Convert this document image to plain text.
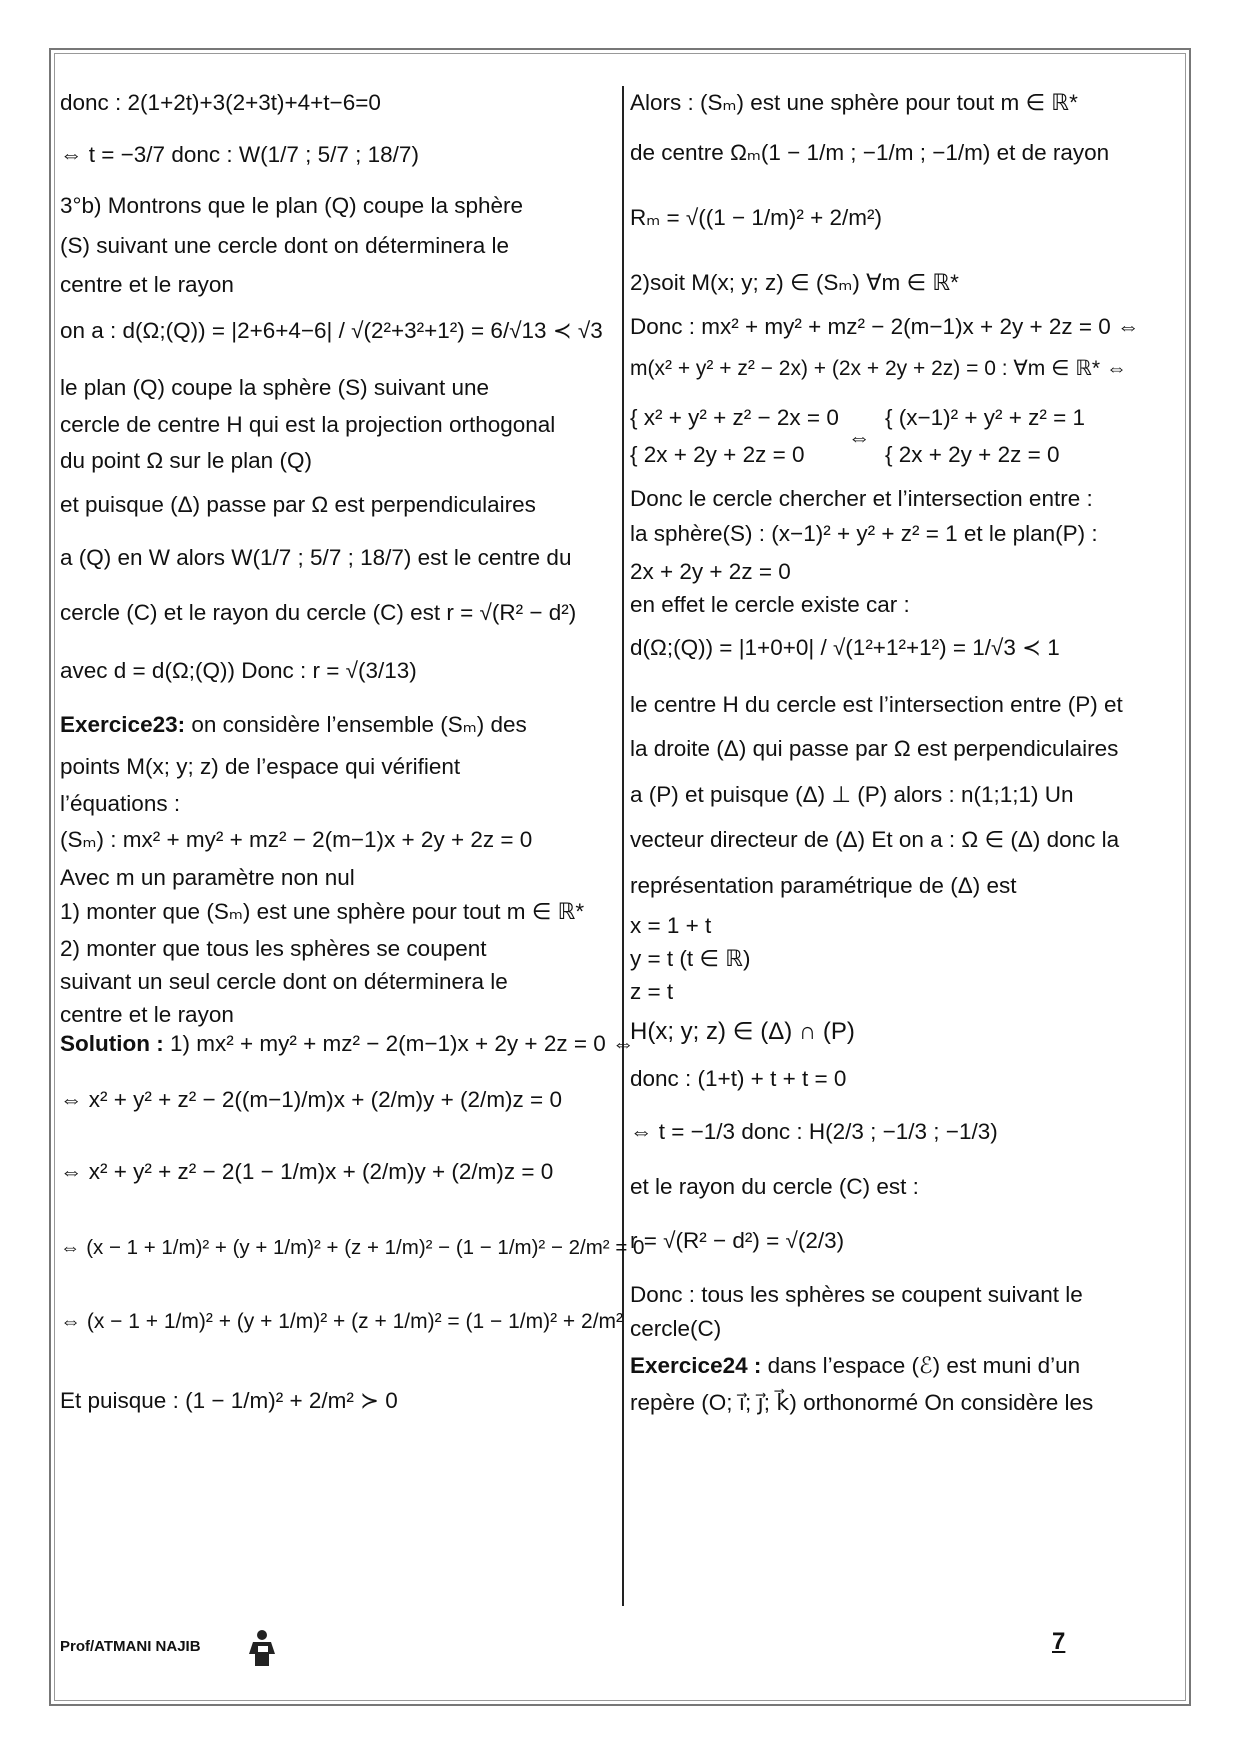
donc : 2(1+2t)+3(2+3t)+4+t−6=0
⇔ t = −3/7 donc : W(1/7 ; 5/7 ; 18/7)
3°b) Montrons que le plan (Q) coupe la sphère
(S) suivant une cercle dont on déterminera le
centre et le rayon
on a : d(Ω;(Q)) = |2+6+4−6| / √(2²+3²+1²) = 6/√13 ≺ √3
le plan (Q) coupe la sphère (S) suivant une
cercle de centre H qui est la projection orthogonal
du point Ω sur le plan (Q)
et puisque (Δ) passe par Ω est perpendiculaires
a (Q) en W alors W(1/7 ; 5/7 ; 18/7) est le centre du
cercle (C) et le rayon du cercle (C) est r = √(R² − d²)
avec d = d(Ω;(Q)) Donc : r = √(3/13)
Exercice23: on considère l’ensemble (Sₘ) des
points M(x; y; z) de l’espace qui vérifient
l’équations :
(Sₘ) : mx² + my² + mz² − 2(m−1)x + 2y + 2z = 0
Avec m un paramètre non nul
1) monter que (Sₘ) est une sphère pour tout m ∈ ℝ*
2) monter que tous les sphères se coupent
suivant un seul cercle dont on déterminera le
centre et le rayon
Solution : 1) mx² + my² + mz² − 2(m−1)x + 2y + 2z = 0 ⇔
⇔ x² + y² + z² − 2((m−1)/m)x + (2/m)y + (2/m)z = 0
⇔ x² + y² + z² − 2(1 − 1/m)x + (2/m)y + (2/m)z = 0
⇔ (x − 1 + 1/m)² + (y + 1/m)² + (z + 1/m)² − (1 − 1/m)² − 2/m² = 0
⇔ (x − 1 + 1/m)² + (y + 1/m)² + (z + 1/m)² = (1 − 1/m)² + 2/m²
Et puisque : (1 − 1/m)² + 2/m² ≻ 0
Alors : (Sₘ) est une sphère pour tout m ∈ ℝ*
de centre Ωₘ(1 − 1/m ; −1/m ; −1/m) et de rayon
Rₘ = √((1 − 1/m)² + 2/m²)
2)soit M(x; y; z) ∈ (Sₘ) ∀m ∈ ℝ*
Donc : mx² + my² + mz² − 2(m−1)x + 2y + 2z = 0 ⇔
m(x² + y² + z² − 2x) + (2x + 2y + 2z) = 0 : ∀m ∈ ℝ* ⇔
{ x² + y² + z² − 2x = 0
{ 2x + 2y + 2z = 0
⇔
{ (x−1)² + y² + z² = 1
{ 2x + 2y + 2z = 0
Donc le cercle chercher et l’intersection entre :
la sphère(S) : (x−1)² + y² + z² = 1 et le plan(P) :
2x + 2y + 2z = 0
en effet le cercle existe car :
d(Ω;(Q)) = |1+0+0| / √(1²+1²+1²) = 1/√3 ≺ 1
le centre H du cercle est l’intersection entre (P) et
la droite (Δ) qui passe par Ω est perpendiculaires
a (P) et puisque (Δ) ⊥ (P) alors : n(1;1;1) Un
vecteur directeur de (Δ) Et on a : Ω ∈ (Δ) donc la
représentation paramétrique de (Δ) est
x = 1 + t
y = t (t ∈ ℝ)
z = t
H(x; y; z) ∈ (Δ) ∩ (P)
donc : (1+t) + t + t = 0
⇔ t = −1/3 donc : H(2/3 ; −1/3 ; −1/3)
et le rayon du cercle (C) est :
r = √(R² − d²) = √(2/3)
Donc : tous les sphères se coupent suivant le
cercle(C)
Exercice24 : dans l’espace (ℰ) est muni d’un
repère (O; i⃗; j⃗; k⃗) orthonormé On considère les
Prof/ATMANI NAJIB	7
